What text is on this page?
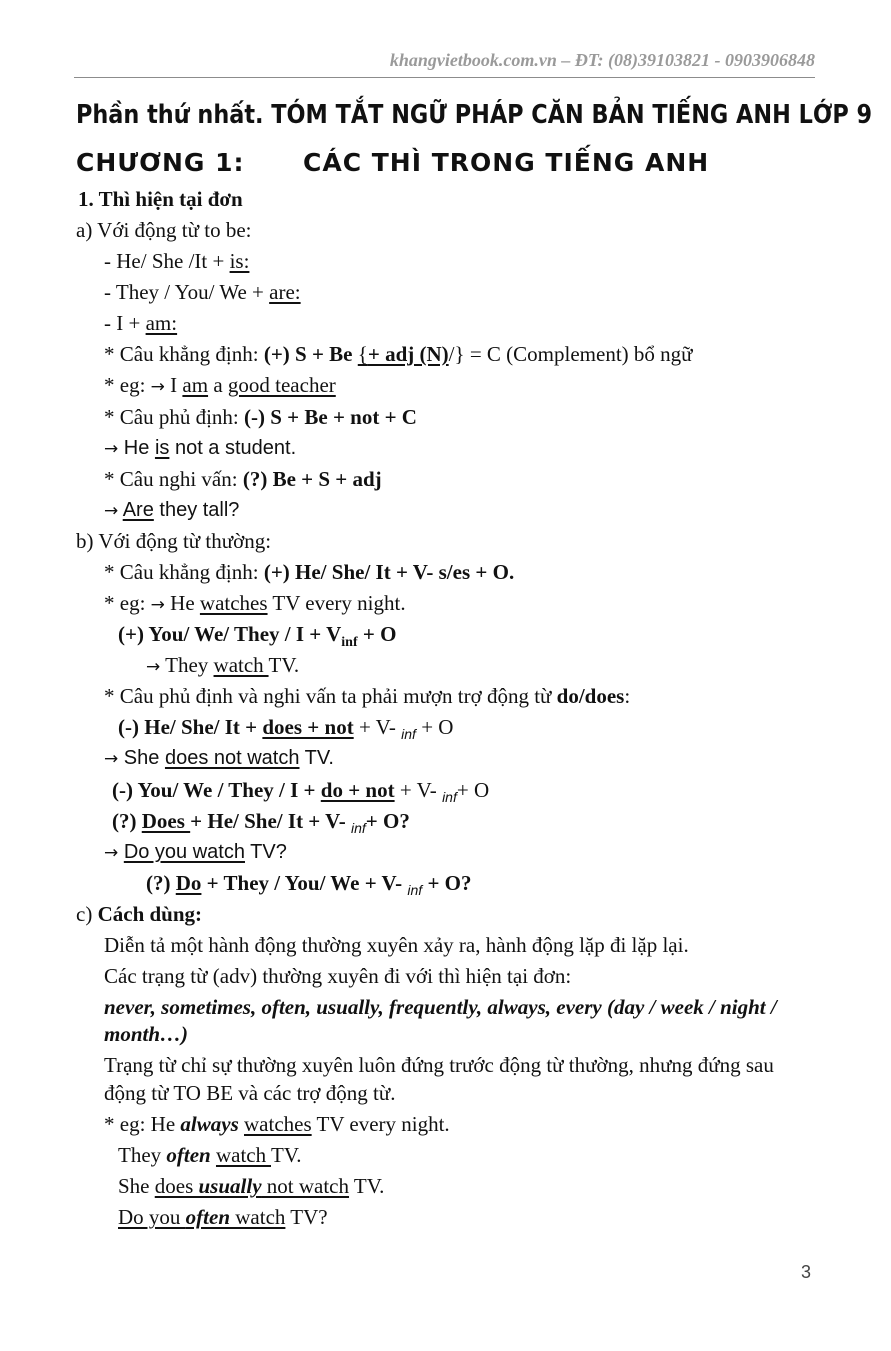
khangvietbook.com.vn – ĐT: (08)39103821 - 0903906848
Phần thứ nhất. TÓM TẮT NGỮ PHÁP CĂN BẢN TIẾNG ANH LỚP 9
CHƯƠNG 1: CÁC THÌ TRONG TIẾNG ANH
1. Thì hiện tại đơn
a) Với động từ to be:
- He/ She /It + is:
- They / You/ We + are:
- I + am:
* Câu khẳng định: (+) S + Be {+ adj (N)/} = C (Complement) bổ ngữ
* eg: → I am a good teacher
* Câu phủ định: (-) S + Be + not + C
→ He is not a student.
* Câu nghi vấn: (?) Be + S + adj
→ Are they tall?
b) Với động từ thường:
* Câu khẳng định: (+) He/ She/ It + V- s/es + O.
* eg: → He watches TV every night.
(+) You/ We/ They / $I + V_{inf} + O$
→ They watch TV.
* Câu phủ định và nghi vấn ta phải mượn trợ động từ do/does:
(-) He/ She/ It + does + not + V- $_{inf}$ + O
→ She does not watch TV.
(-) You/ We / They / I + do + not + V- $_{inf}$+ O
(?) Does + He/ She/ It + V- $_{inf}$+ O?
→ Do you watch TV?
(?) Do + They / You/ We + V- $_{inf}$ + O?
c) Cách dùng:
Diễn tả một hành động thường xuyên xảy ra, hành động lặp đi lặp lại.
Các trạng từ (adv) thường xuyên đi với thì hiện tại đơn:
never, sometimes, often, usually, frequently, always, every (day / week / night /
month…)
Trạng từ chỉ sự thường xuyên luôn đứng trước động từ thường, nhưng đứng sau
động từ TO BE và các trợ động từ.
* eg: He always watches TV every night.
They often watch TV.
She does usually not watch TV.
Do you often watch TV?
3
